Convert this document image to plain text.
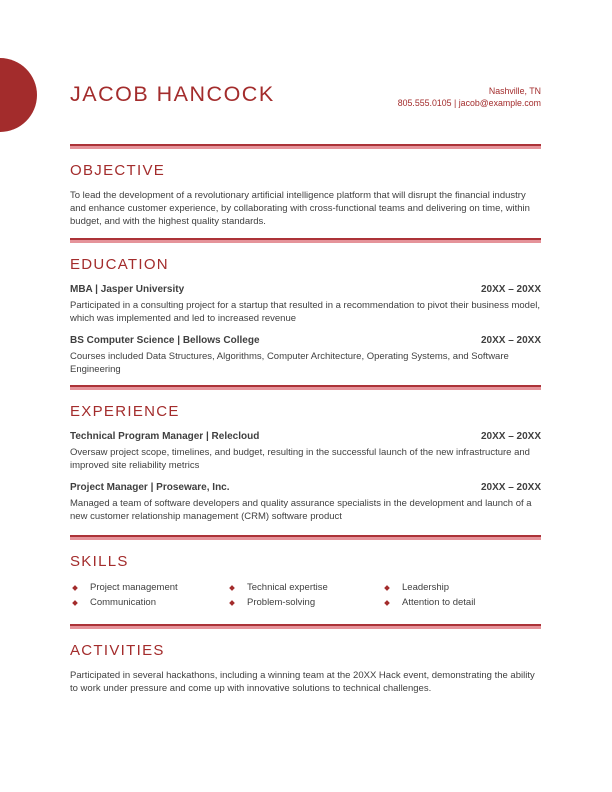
JACOB HANCOCK	Nashville, TN
805.555.0105 | jacob@example.com
OBJECTIVE

To lead the development of a revolutionary artificial intelligence platform that will disrupt the financial industry and enhance customer experience, by collaborating with cross-functional teams and delivering on time, within budget, and with the highest quality standards.

EDUCATION
MBA | Jasper University	20XX – 20XX

Participated in a consulting project for a startup that resulted in a recommendation to pivot their business model, which was implemented and led to increased revenue

BS Computer Science | Bellows College	20XX – 20XX

Courses included Data Structures, Algorithms, Computer Architecture, Operating Systems, and Software Engineering

EXPERIENCE
Technical Program Manager | Relecloud	20XX – 20XX

Oversaw project scope, timelines, and budget, resulting in the successful launch of the new infrastructure and improved site reliability metrics

Project Manager | Proseware, Inc.	20XX – 20XX

Managed a team of software developers and quality assurance specialists in the development and launch of a new customer relationship management (CRM) software product

SKILLS
Project management	Technical expertise	Leadership
Communication	Problem-solving	Attention to detail
ACTIVITIES

Participated in several hackathons, including a winning team at the 20XX Hack event, demonstrating the ability to work under pressure and come up with innovative solutions to technical challenges.
